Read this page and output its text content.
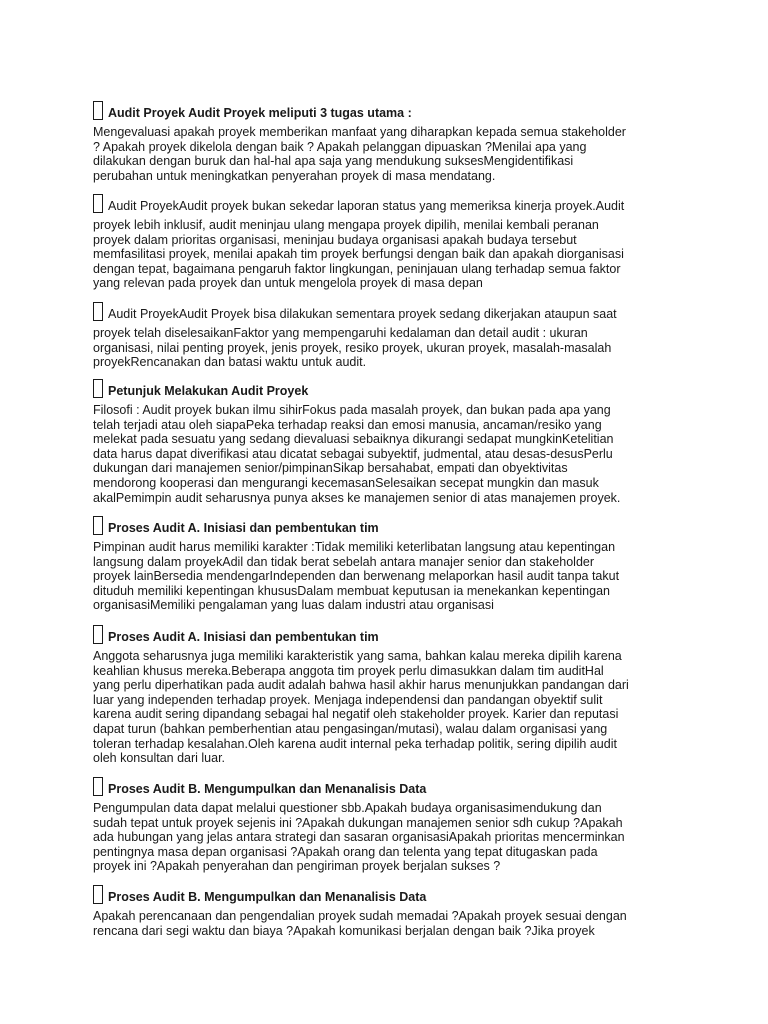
Audit Proyek Audit Proyek meliputi 3 tugas utama :

Mengevaluasi apakah proyek memberikan manfaat yang diharapkan kepada semua stakeholder
? Apakah proyek dikelola dengan baik ? Apakah pelanggan dipuaskan ?Menilai apa yang
dilakukan dengan buruk dan hal-hal apa saja yang mendukung suksesMengidentifikasi
perubahan untuk meningkatkan penyerahan proyek di masa mendatang.

Audit ProyekAudit proyek bukan sekedar laporan status yang memeriksa kinerja proyek.Audit

proyek lebih inklusif, audit meninjau ulang mengapa proyek dipilih, menilai kembali peranan
proyek dalam prioritas organisasi, meninjau budaya organisasi apakah budaya tersebut
memfasilitasi proyek, menilai apakah tim proyek berfungsi dengan baik dan apakah diorganisasi
dengan tepat, bagaimana pengaruh faktor lingkungan, peninjauan ulang terhadap semua faktor
yang relevan pada proyek dan untuk mengelola proyek di masa depan

Audit ProyekAudit Proyek bisa dilakukan sementara proyek sedang dikerjakan ataupun saat

proyek telah diselesaikanFaktor yang mempengaruhi kedalaman dan detail audit : ukuran
organisasi, nilai penting proyek, jenis proyek, resiko proyek, ukuran proyek, masalah-masalah
proyekRencanakan dan batasi waktu untuk audit.

Petunjuk Melakukan Audit Proyek

Filosofi : Audit proyek bukan ilmu sihirFokus pada masalah proyek, dan bukan pada apa yang
telah terjadi atau oleh siapaPeka terhadap reaksi dan emosi manusia, ancaman/resiko yang
melekat pada sesuatu yang sedang dievaluasi sebaiknya dikurangi sedapat mungkinKetelitian
data harus dapat diverifikasi atau dicatat sebagai subyektif, judmental, atau desas-desusPerlu
dukungan dari manajemen senior/pimpinanSikap bersahabat, empati dan obyektivitas
mendorong kooperasi dan mengurangi kecemasanSelesaikan secepat mungkin dan masuk
akalPemimpin audit seharusnya punya akses ke manajemen senior di atas manajemen proyek.

Proses Audit A. Inisiasi dan pembentukan tim

Pimpinan audit harus memiliki karakter :Tidak memiliki keterlibatan langsung atau kepentingan
langsung dalam proyekAdil dan tidak berat sebelah antara manajer senior dan stakeholder
proyek lainBersedia mendengarIndependen dan berwenang melaporkan hasil audit tanpa takut
dituduh memiliki kepentingan khususDalam membuat keputusan ia menekankan kepentingan
organisasiMemiliki pengalaman yang luas dalam industri atau organisasi

Proses Audit A. Inisiasi dan pembentukan tim

Anggota seharusnya juga memiliki karakteristik yang sama, bahkan kalau mereka dipilih karena
keahlian khusus mereka.Beberapa anggota tim proyek perlu dimasukkan dalam tim auditHal
yang perlu diperhatikan pada audit adalah bahwa hasil akhir harus menunjukkan pandangan dari
luar yang independen terhadap proyek. Menjaga independensi dan pandangan obyektif sulit
karena audit sering dipandang sebagai hal negatif oleh stakeholder proyek. Karier dan reputasi
dapat turun (bahkan pemberhentian atau pengasingan/mutasi), walau dalam organisasi yang
toleran terhadap kesalahan.Oleh karena audit internal peka terhadap politik, sering dipilih audit
oleh konsultan dari luar.

Proses Audit B. Mengumpulkan dan Menanalisis Data

Pengumpulan data dapat melalui questioner sbb.Apakah budaya organisasimendukung dan
sudah tepat untuk proyek sejenis ini ?Apakah dukungan manajemen senior sdh cukup ?Apakah
ada hubungan yang jelas antara strategi dan sasaran organisasiApakah prioritas mencerminkan
pentingnya masa depan organisasi ?Apakah orang dan telenta yang tepat ditugaskan pada
proyek ini ?Apakah penyerahan dan pengiriman proyek berjalan sukses ?

Proses Audit B. Mengumpulkan dan Menanalisis Data

Apakah perencanaan dan pengendalian proyek sudah memadai ?Apakah proyek sesuai dengan
rencana dari segi waktu dan biaya ?Apakah komunikasi berjalan dengan baik ?Jika proyek
